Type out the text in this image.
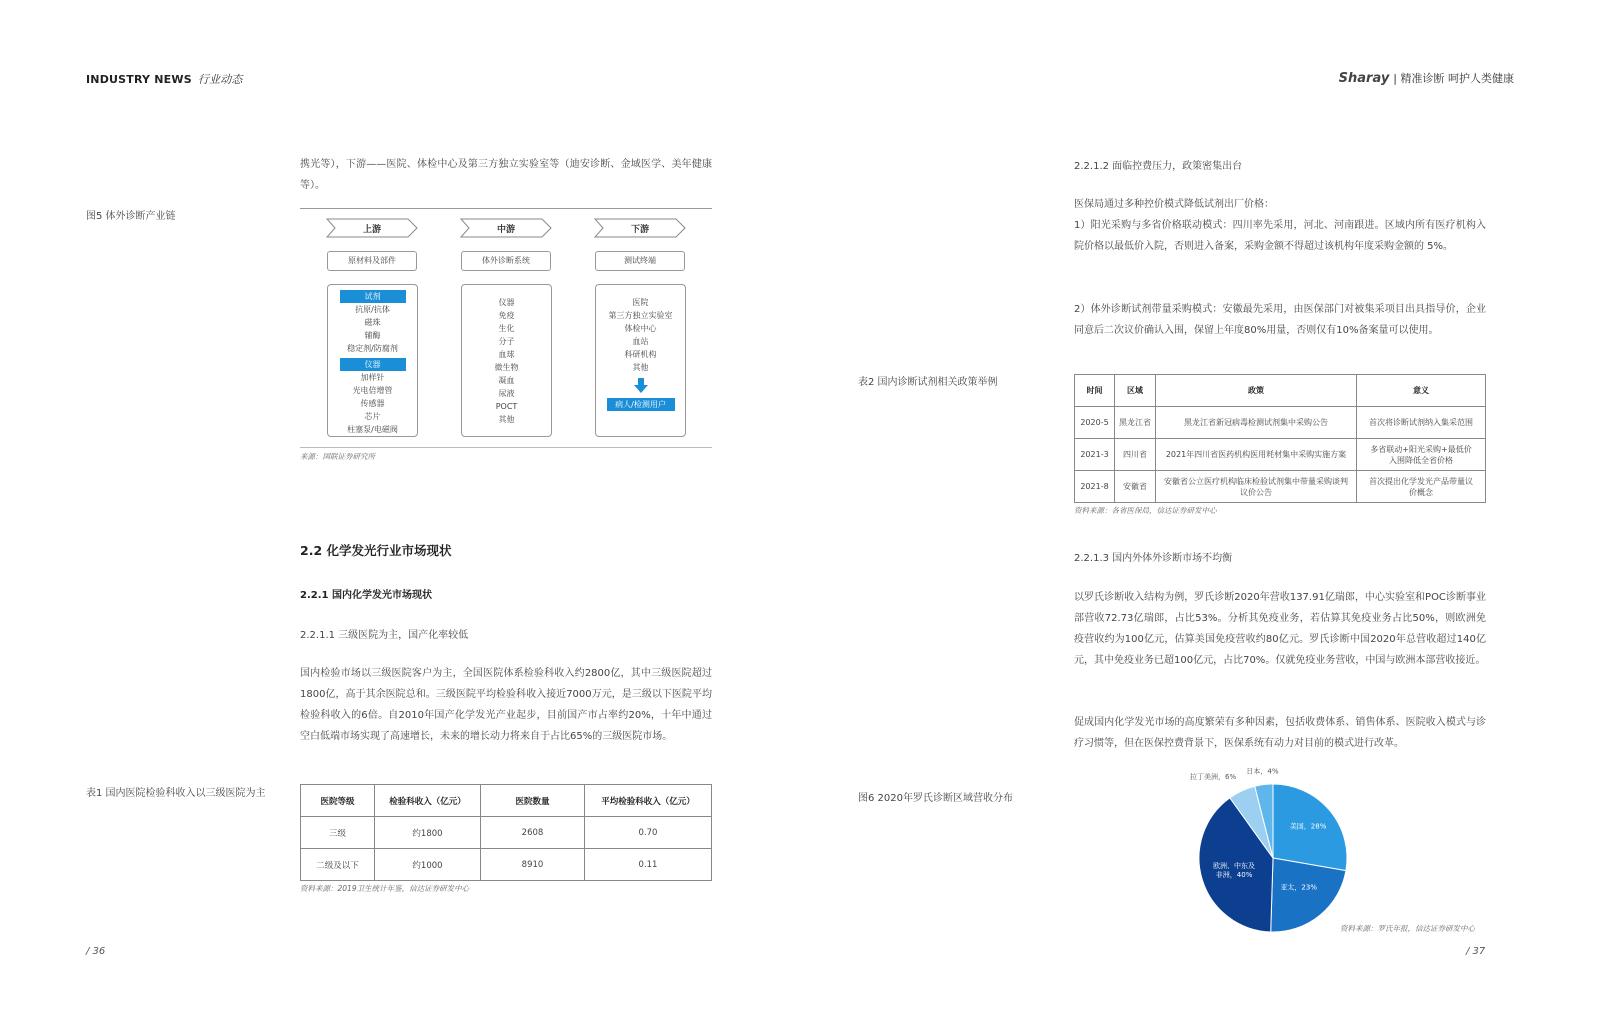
INDUSTRY NEWS 行业动态	Sharay | 精准诊断 呵护人类健康
携光等），下游——医院、体检中心及第三方独立实验室等（迪安诊断、金域医学、美年健康等）。
图5 体外诊断产业链
上游	中游	下游
原材料及部件	体外诊断系统	测试终端
试剂
抗原/抗体
磁珠
辅酶
稳定剂/防腐剂
仪器
加样针
光电倍增管
传感器
芯片
柱塞泵/电磁阀
仪器
免疫
生化
分子
血球
微生物
凝血
尿液
POCT
其他
医院
第三方独立实验室
体检中心
血站
科研机构
其他
病人/检测用户
来源：国联证券研究所
2.2 化学发光行业市场现状
2.2.1 国内化学发光市场现状
2.2.1.1 三级医院为主，国产化率较低
国内检验市场以三级医院客户为主，全国医院体系检验科收入约2800亿，其中三级医院超过1800亿，高于其余医院总和。三级医院平均检验科收入接近7000万元，是三级以下医院平均检验科收入的6倍。自2010年国产化学发光产业起步，目前国产市占率约20%，十年中通过空白低端市场实现了高速增长，未来的增长动力将来自于占比65%的三级医院市场。
表1 国内医院检验科收入以三级医院为主
医院等级	检验科收入（亿元）	医院数量	平均检验科收入（亿元）
三级	约1800	2608	0.70
二级及以下	约1000	8910	0.11
资料来源：2019卫生统计年鉴，信达证券研发中心
/ 36
2.2.1.2 面临控费压力，政策密集出台
医保局通过多种控价模式降低试剂出厂价格：
1）阳光采购与多省价格联动模式：四川率先采用，河北、河南跟进。区域内所有医疗机构入院价格以最低价入院，否则进入备案，采购金额不得超过该机构年度采购金额的 5%。
2）体外诊断试剂带量采购模式：安徽最先采用，由医保部门对被集采项目出具指导价，企业同意后二次议价确认入围，保留上年度80%用量，否则仅有10%备案量可以使用。
表2 国内诊断试剂相关政策举例
时间	区域	政策	意义
2020-5	黑龙江省	黑龙江省新冠病毒检测试剂集中采购公告	首次将诊断试剂纳入集采范围
2021-3	四川省	2021年四川省医药机构医用耗材集中采购实施方案	多省联动+阳光采购+最低价入围降低全省价格
2021-8	安徽省	安徽省公立医疗机构临床检验试剂集中带量采购谈判议价公告	首次提出化学发光产品带量议价概念
资料来源：各省医保局，信达证券研发中心
2.2.1.3 国内外体外诊断市场不均衡
以罗氏诊断收入结构为例，罗氏诊断2020年营收137.91亿瑞郎，中心实验室和POC诊断事业部营收72.73亿瑞郎，占比53%。分析其免疫业务，若估算其免疫业务占比50%，则欧洲免疫营收约为100亿元，估算美国免疫营收约80亿元。罗氏诊断中国2020年总营收超过140亿元，其中免疫业务已超100亿元，占比70%。仅就免疫业务营收，中国与欧洲本部营收接近。
促成国内化学发光市场的高度繁荣有多种因素，包括收费体系、销售体系、医院收入模式与诊疗习惯等，但在医保控费背景下，医保系统有动力对目前的模式进行改革。
图6 2020年罗氏诊断区域营收分布
美国，28%
亚太，23%
欧洲、中东及非洲，40%
拉丁美洲，6%
日本，4%
资料来源：罗氏年报，信达证券研发中心
/ 37
